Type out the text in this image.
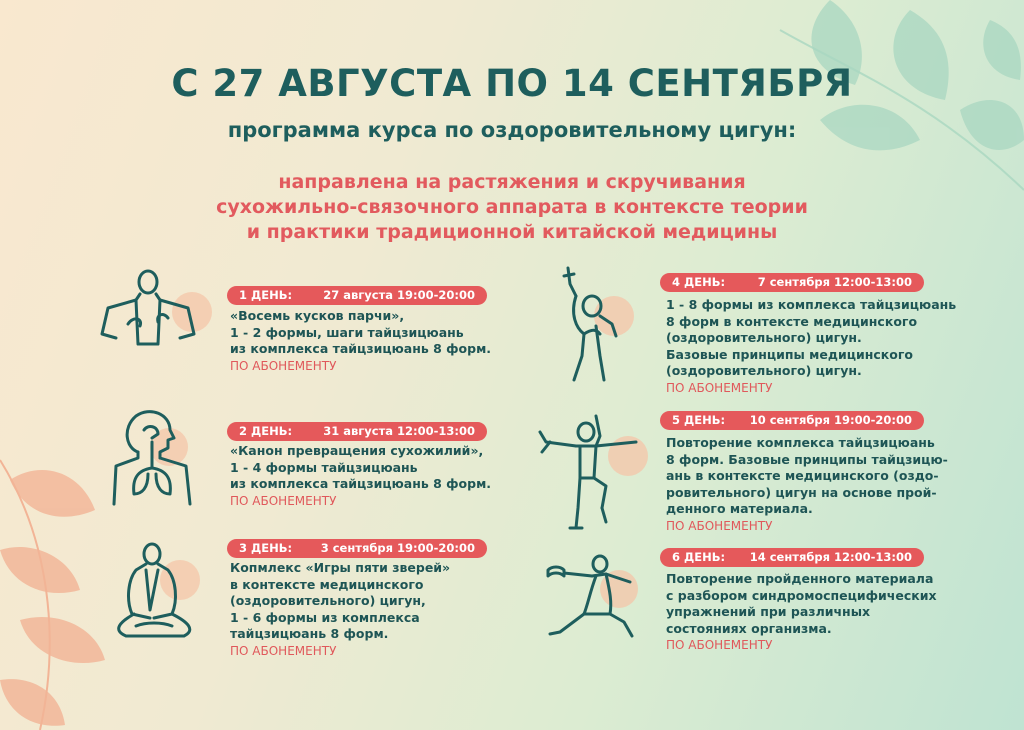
С 27 АВГУСТА ПО 14 СЕНТЯБРЯ
программа курса по оздоровительному цигун:
направлена на растяжения и скручивания
сухожильно-связочного аппарата в контексте теории
и практики традиционной китайской медицины
1 ДЕНЬ:	27 августа 19:00-20:00
«Восемь кусков парчи»,
1 - 2 формы, шаги тайцзицюань
из комплекса тайцзицюань 8 форм.
ПО АБОНЕМЕНТУ
2 ДЕНЬ:	31 августа 12:00-13:00
«Канон превращения сухожилий»,
1 - 4 формы тайцзицюань
из комплекса тайцзицюань 8 форм.
ПО АБОНЕМЕНТУ
3 ДЕНЬ: 3 сентября 19:00-20:00
Копмлекс «Игры пяти зверей»
в контексте медицинского
(оздоровительного) цигун,
1 - 6 формы из комплекса
тайцзицюань 8 форм.
ПО АБОНЕМЕНТУ
4 ДЕНЬ:	7 сентября 12:00-13:00
1 - 8 формы из комплекса тайцзицюань
8 форм в контексте медицинского
(оздоровительного) цигун.
Базовые принципы медицинского
(оздоровительного) цигун.
ПО АБОНЕМЕНТУ
5 ДЕНЬ: 10 сентября 19:00-20:00
Повторение комплекса тайцзицюань
8 форм. Базовые принципы тайцзицю-
ань в контексте медицинского (оздо-
ровительного) цигун на основе прой-
денного материала.
ПО АБОНЕМЕНТУ
6 ДЕНЬ: 14 сентября 12:00-13:00
Повторение пройденного материала
с разбором синдромоспецифических
упражнений при различных
состояниях организма.
ПО АБОНЕМЕНТУ
